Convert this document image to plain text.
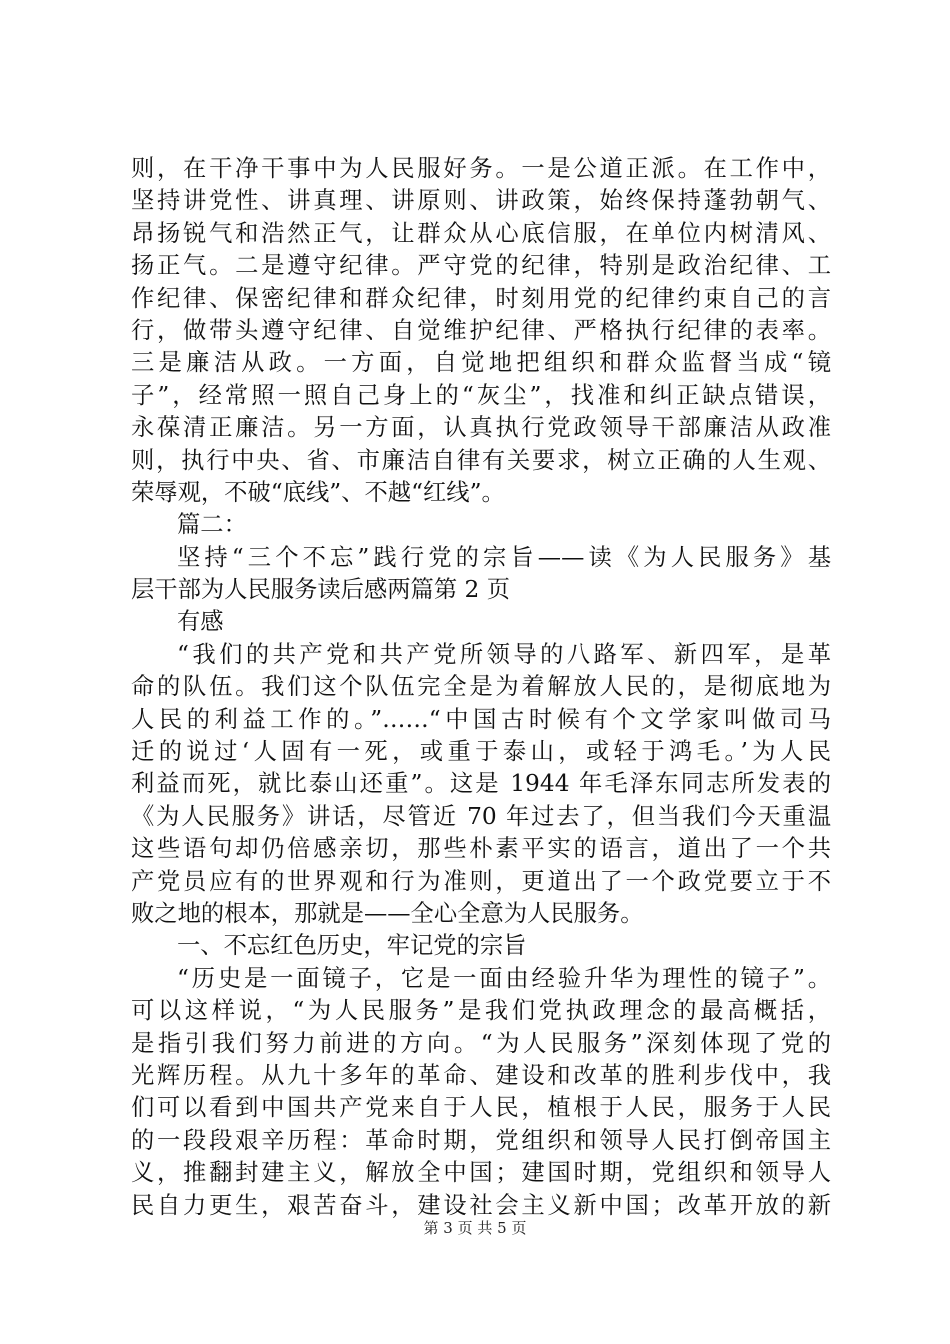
则，在干净干事中为人民服好务。一是公道正派。在工作中，
坚持讲党性、讲真理、讲原则、讲政策，始终保持蓬勃朝气、
昂扬锐气和浩然正气，让群众从心底信服，在单位内树清风、
扬正气。二是遵守纪律。严守党的纪律，特别是政治纪律、工
作纪律、保密纪律和群众纪律，时刻用党的纪律约束自己的言
行，做带头遵守纪律、自觉维护纪律、严格执行纪律的表率。
三是廉洁从政。一方面，自觉地把组织和群众监督当成“镜
子”，经常照一照自己身上的“灰尘”，找准和纠正缺点错误，
永葆清正廉洁。另一方面，认真执行党政领导干部廉洁从政准
则，执行中央、省、市廉洁自律有关要求，树立正确的人生观、
荣辱观，不破“底线”、不越“红线”。
篇二：
坚持“三个不忘”践行党的宗旨——读《为人民服务》基
层干部为人民服务读后感两篇第 2 页
有感
“我们的共产党和共产党所领导的八路军、新四军，是革
命的队伍。我们这个队伍完全是为着解放人民的，是彻底地为
人民的利益工作的。”……“中国古时候有个文学家叫做司马
迁的说过‘人固有一死，或重于泰山，或轻于鸿毛。’为人民
利益而死，就比泰山还重”。这是 1944 年毛泽东同志所发表的
《为人民服务》讲话，尽管近 70 年过去了，但当我们今天重温
这些语句却仍倍感亲切，那些朴素平实的语言，道出了一个共
产党员应有的世界观和行为准则，更道出了一个政党要立于不
败之地的根本，那就是——全心全意为人民服务。
一、不忘红色历史，牢记党的宗旨
“历史是一面镜子，它是一面由经验升华为理性的镜子”。
可以这样说，“为人民服务”是我们党执政理念的最高概括，
是指引我们努力前进的方向。“为人民服务”深刻体现了党的
光辉历程。从九十多年的革命、建设和改革的胜利步伐中，我
们可以看到中国共产党来自于人民，植根于人民，服务于人民
的一段段艰辛历程：革命时期，党组织和领导人民打倒帝国主
义，推翻封建主义，解放全中国；建国时期，党组织和领导人
民自力更生，艰苦奋斗，建设社会主义新中国；改革开放的新
第 3 页 共 5 页
